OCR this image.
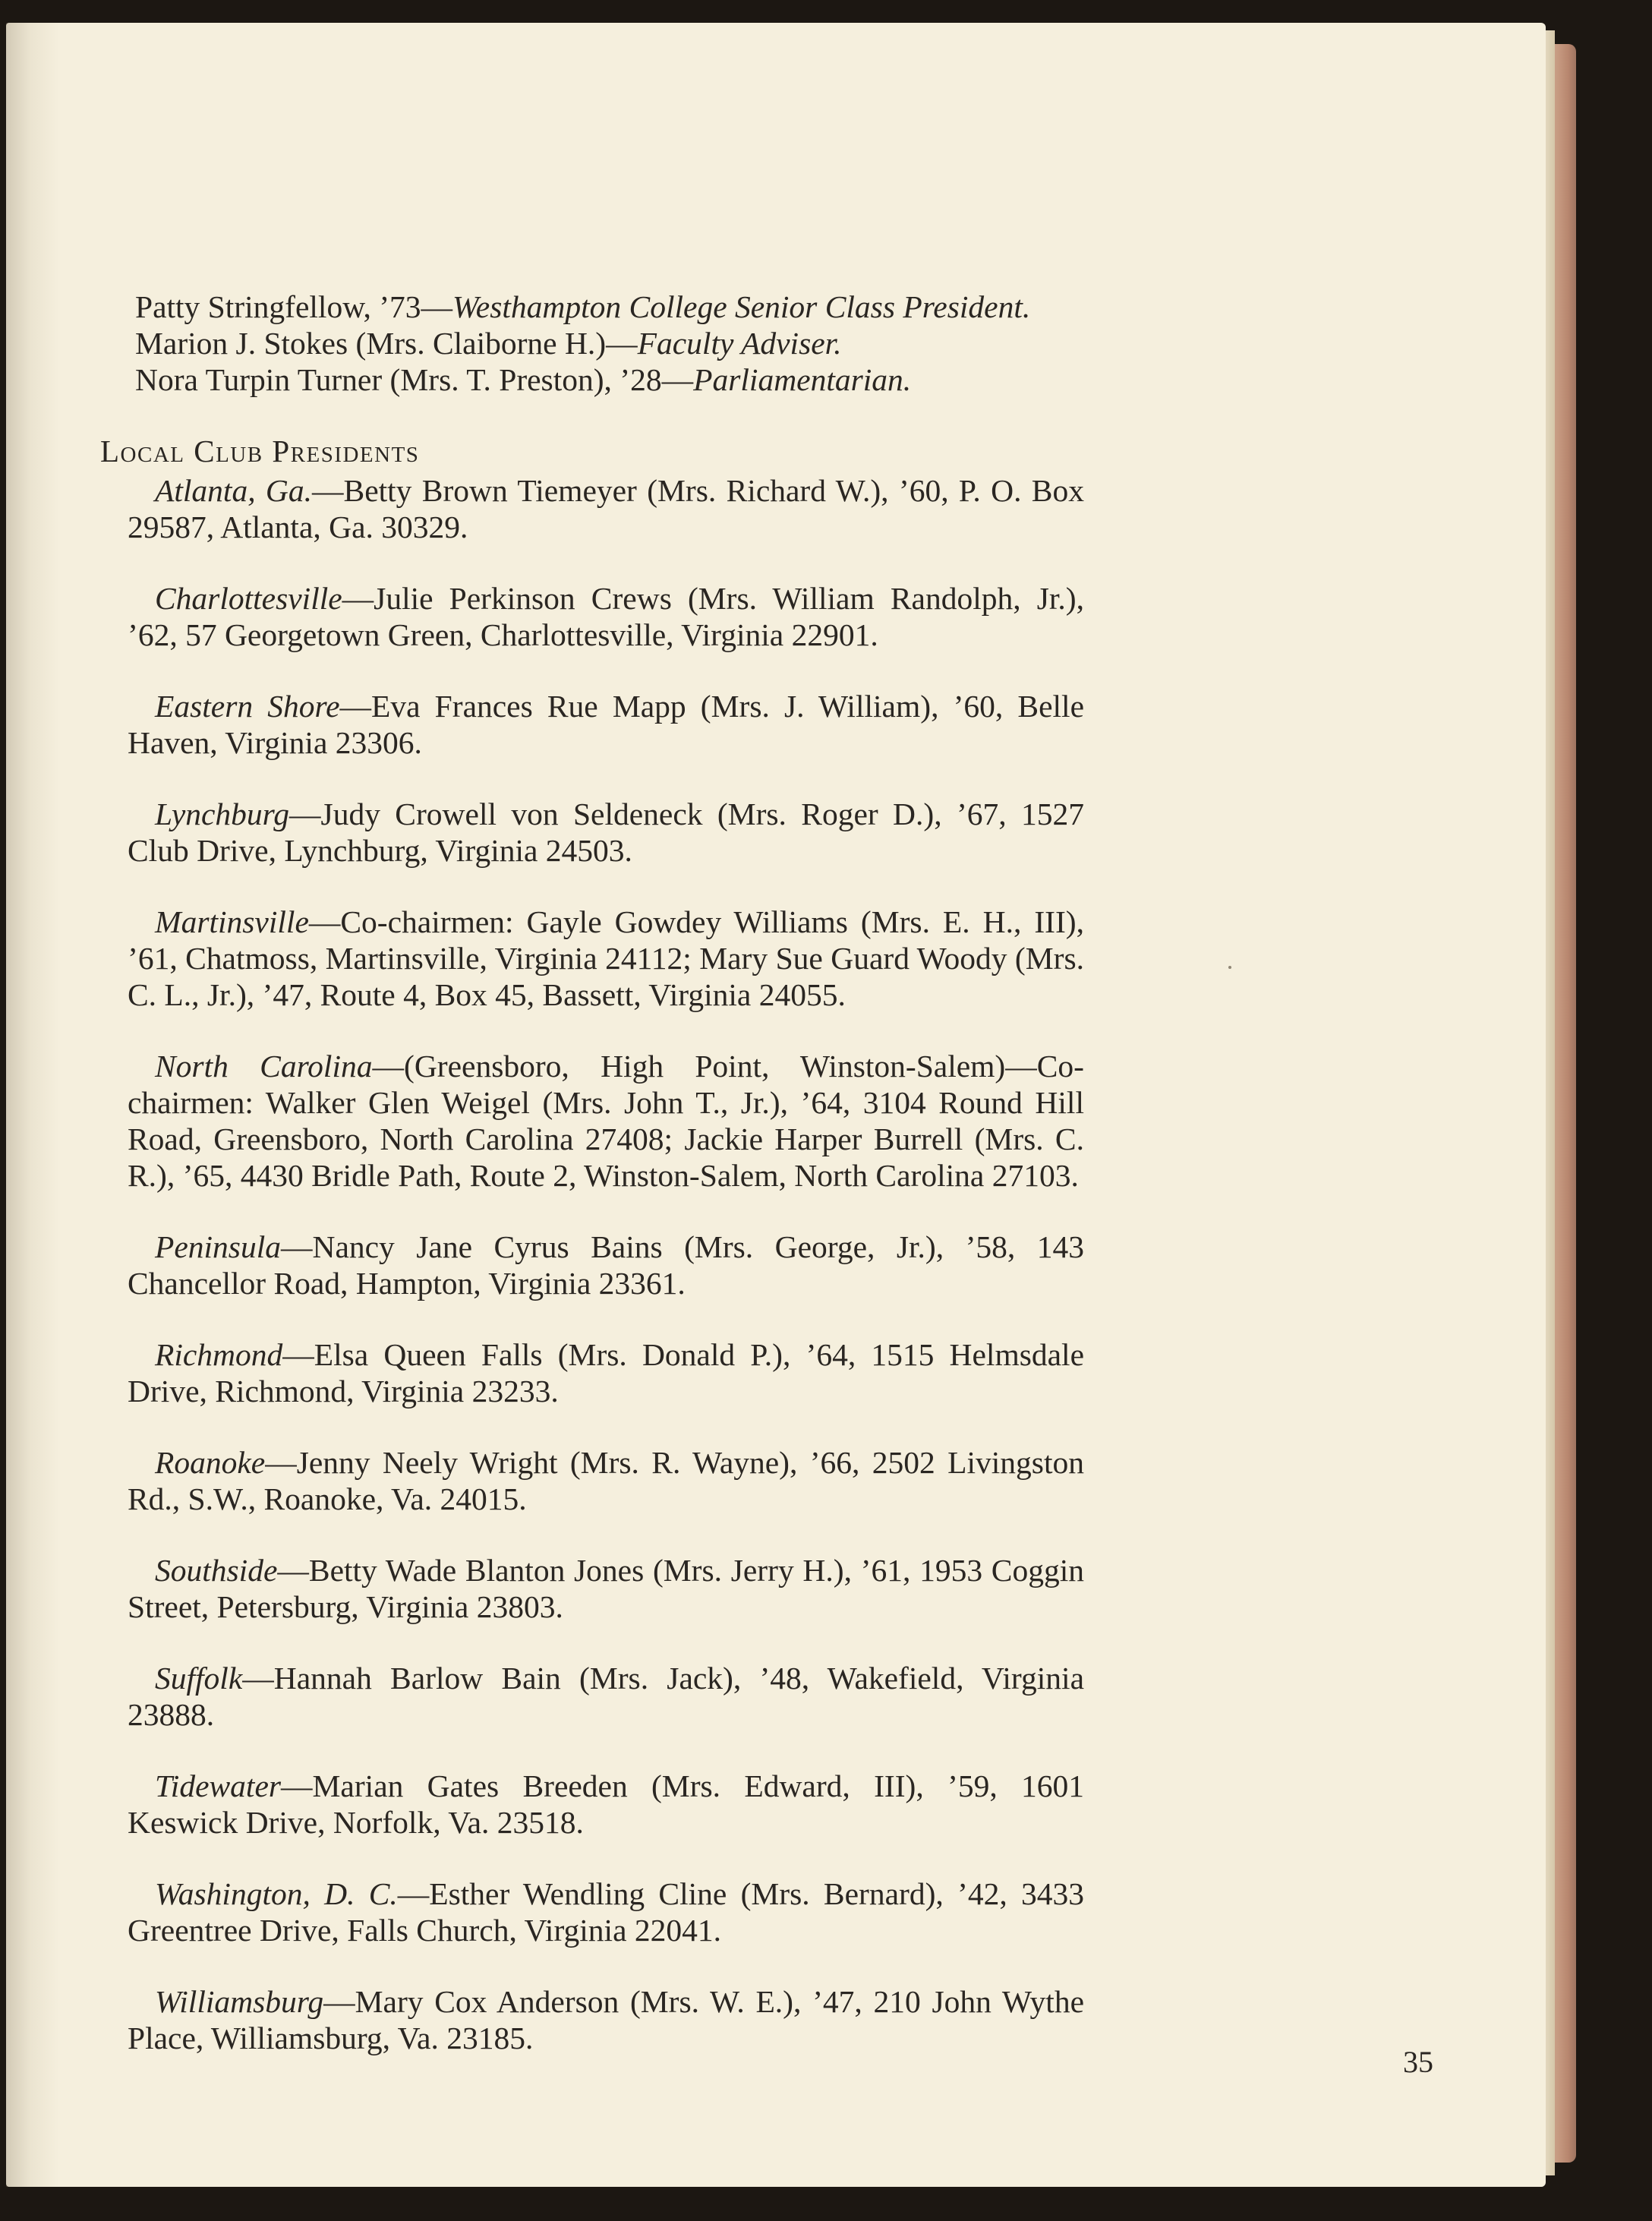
Patty Stringfellow, ’73—Westhampton College Senior Class President.

Marion J. Stokes (Mrs. Claiborne H.)—Faculty Adviser.

Nora Turpin Turner (Mrs. T. Preston), ’28—Parliamentarian.

Local Club Presidents

Atlanta, Ga.—Betty Brown Tiemeyer (Mrs. Richard W.), ’60, P. O. Box 29587, Atlanta, Ga. 30329.

Charlottesville—Julie Perkinson Crews (Mrs. William Randolph, Jr.), ’62, 57 Georgetown Green, Charlottesville, Virginia 22901.

Eastern Shore—Eva Frances Rue Mapp (Mrs. J. William), ’60, Belle Haven, Virginia 23306.

Lynchburg—Judy Crowell von Seldeneck (Mrs. Roger D.), ’67, 1527 Club Drive, Lynchburg, Virginia 24503.

Martinsville—Co-chairmen: Gayle Gowdey Williams (Mrs. E. H., III), ’61, Chatmoss, Martinsville, Virginia 24112; Mary Sue Guard Woody (Mrs. C. L., Jr.), ’47, Route 4, Box 45, Bassett, Virginia 24055.

North Carolina—(Greensboro, High Point, Winston-Salem)—Co-chairmen: Walker Glen Weigel (Mrs. John T., Jr.), ’64, 3104 Round Hill Road, Greensboro, North Carolina 27408; Jackie Harper Burrell (Mrs. C. R.), ’65, 4430 Bridle Path, Route 2, Winston-Salem, North Carolina 27103.

Peninsula—Nancy Jane Cyrus Bains (Mrs. George, Jr.), ’58, 143 Chancellor Road, Hampton, Virginia 23361.

Richmond—Elsa Queen Falls (Mrs. Donald P.), ’64, 1515 Helmsdale Drive, Richmond, Virginia 23233.

Roanoke—Jenny Neely Wright (Mrs. R. Wayne), ’66, 2502 Livingston Rd., S.W., Roanoke, Va. 24015.

Southside—Betty Wade Blanton Jones (Mrs. Jerry H.), ’61, 1953 Coggin Street, Petersburg, Virginia 23803.

Suffolk—Hannah Barlow Bain (Mrs. Jack), ’48, Wakefield, Virginia 23888.

Tidewater—Marian Gates Breeden (Mrs. Edward, III), ’59, 1601 Keswick Drive, Norfolk, Va. 23518.

Washington, D. C.—Esther Wendling Cline (Mrs. Bernard), ’42, 3433 Greentree Drive, Falls Church, Virginia 22041.

Williamsburg—Mary Cox Anderson (Mrs. W. E.), ’47, 210 John Wythe Place, Williamsburg, Va. 23185.

35
